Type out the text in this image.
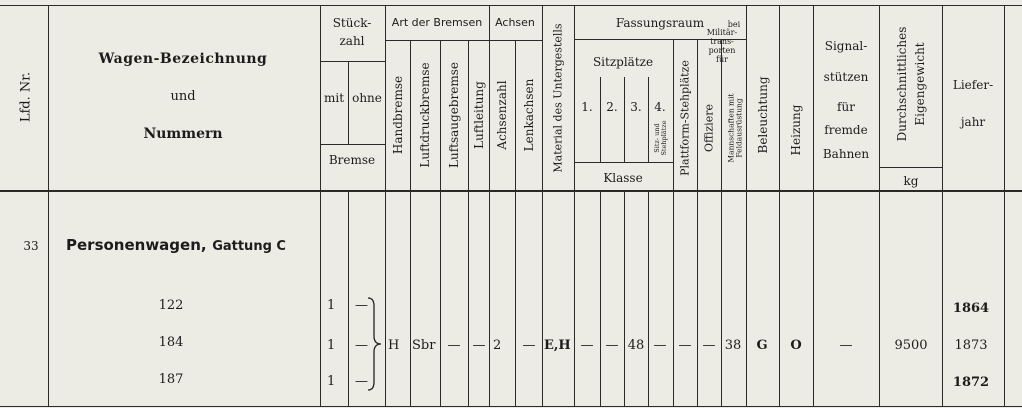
Lfd. Nr.
Wagen-Bezeichnung
und
Nummern
Stück-
zahl
mit ohne
Bremse
Art der Bremsen
Handbremse Luftdruckbremse Luftsaugebremse Luftleitung
Achsen
Achsenzahl Lenkachsen Material des Untergestells
Fassungsraum
Sitzplätze
1. 2. 3. 4.
Sitz- und Stehplätze
Klasse
Plattform-Stehplätze
bei
Militär-
trans-
porten
für
Offiziere Mannschaften mit Feldausrüstung Beleuchtung Heizung
Signal-
stützen
für
fremde
Bahnen
Durchschnittliches Eigengewicht
kg
Liefer-
jahr
33 Personenwagen, Gattung C
122
184
187
1
1
1
—
—
—
H Sbr — — 2 — E,H — — 48 — — — 38 G O	—	9500
1864
1873
1872
